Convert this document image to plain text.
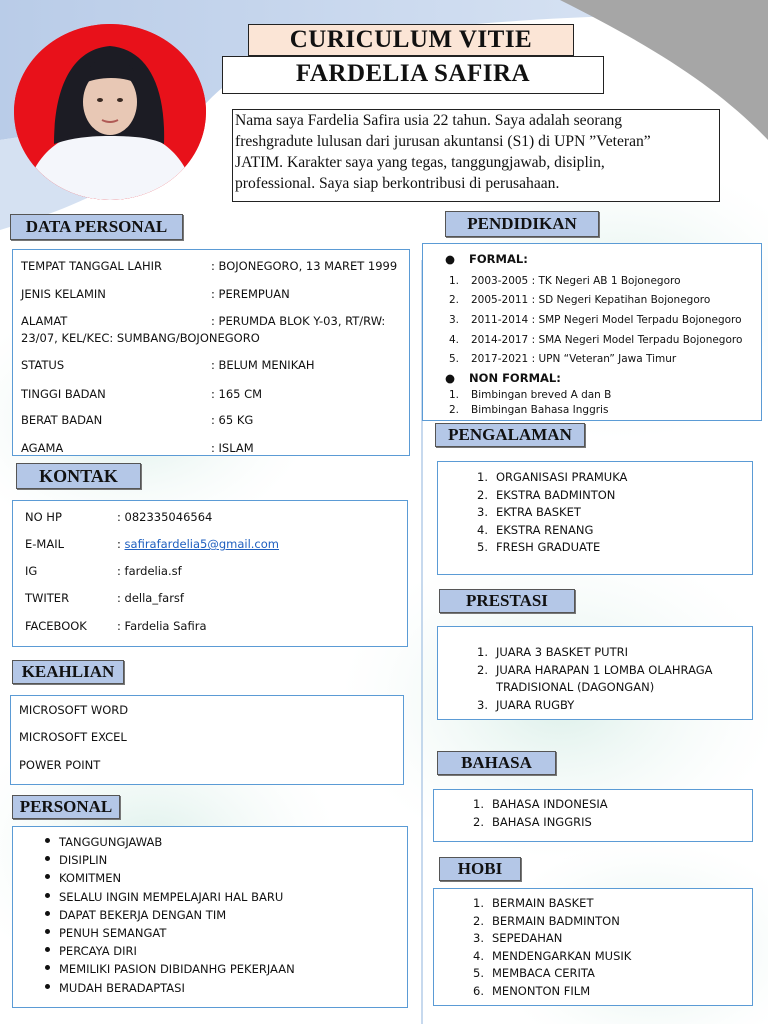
CURICULUM VITIE
FARDELIA SAFIRA
Nama saya Fardelia Safira usia 22 tahun. Saya adalah seorang
freshgradute lulusan dari jurusan akuntansi (S1) di UPN ”Veteran”
JATIM. Karakter saya yang tegas, tanggungjawab, disiplin,
professional. Saya siap berkontribusi di perusahaan.
DATA PERSONAL
TEMPAT TANGGAL LAHIR	: BOJONEGORO, 13 MARET 1999
JENIS KELAMIN	: PEREMPUAN
ALAMAT	: PERUMDA BLOK Y-03, RT/RW:
23/07, KEL/KEC: SUMBANG/BOJONEGORO
STATUS	: BELUM MENIKAH
TINGGI BADAN	: 165 CM
BERAT BADAN	: 65 KG
AGAMA	: ISLAM
KONTAK
NO HP	: 082335046564
E-MAIL	: safirafardelia5@gmail.com
IG	: fardelia.sf
TWITER	: della_farsf
FACEBOOK	: Fardelia Safira
KEAHLIAN
MICROSOFT WORD
MICROSOFT EXCEL
POWER POINT
PERSONAL
TANGGUNGJAWAB
DISIPLIN
KOMITMEN
SELALU INGIN MEMPELAJARI HAL BARU
DAPAT BEKERJA DENGAN TIM
PENUH SEMANGAT
PERCAYA DIRI
MEMILIKI PASION DIBIDANHG PEKERJAAN
MUDAH BERADAPTASI
PENDIDIKAN
● FORMAL:
1. 2003-2005 : TK Negeri AB 1 Bojonegoro
2. 2005-2011 : SD Negeri Kepatihan Bojonegoro
3. 2011-2014 : SMP Negeri Model Terpadu Bojonegoro
4. 2014-2017 : SMA Negeri Model Terpadu Bojonegoro
5. 2017-2021 : UPN “Veteran” Jawa Timur
● NON FORMAL:
1. Bimbingan breved A dan B
2. Bimbingan Bahasa Inggris
PENGALAMAN
1. ORGANISASI PRAMUKA
2. EKSTRA BADMINTON
3. EKTRA BASKET
4. EKSTRA RENANG
5. FRESH GRADUATE
PRESTASI
1. JUARA 3 BASKET PUTRI
2. JUARA HARAPAN 1 LOMBA OLAHRAGA
TRADISIONAL (DAGONGAN)
3. JUARA RUGBY
BAHASA
1. BAHASA INDONESIA
2. BAHASA INGGRIS
HOBI
1. BERMAIN BASKET
2. BERMAIN BADMINTON
3. SEPEDAHAN
4. MENDENGARKAN MUSIK
5. MEMBACA CERITA
6. MENONTON FILM
